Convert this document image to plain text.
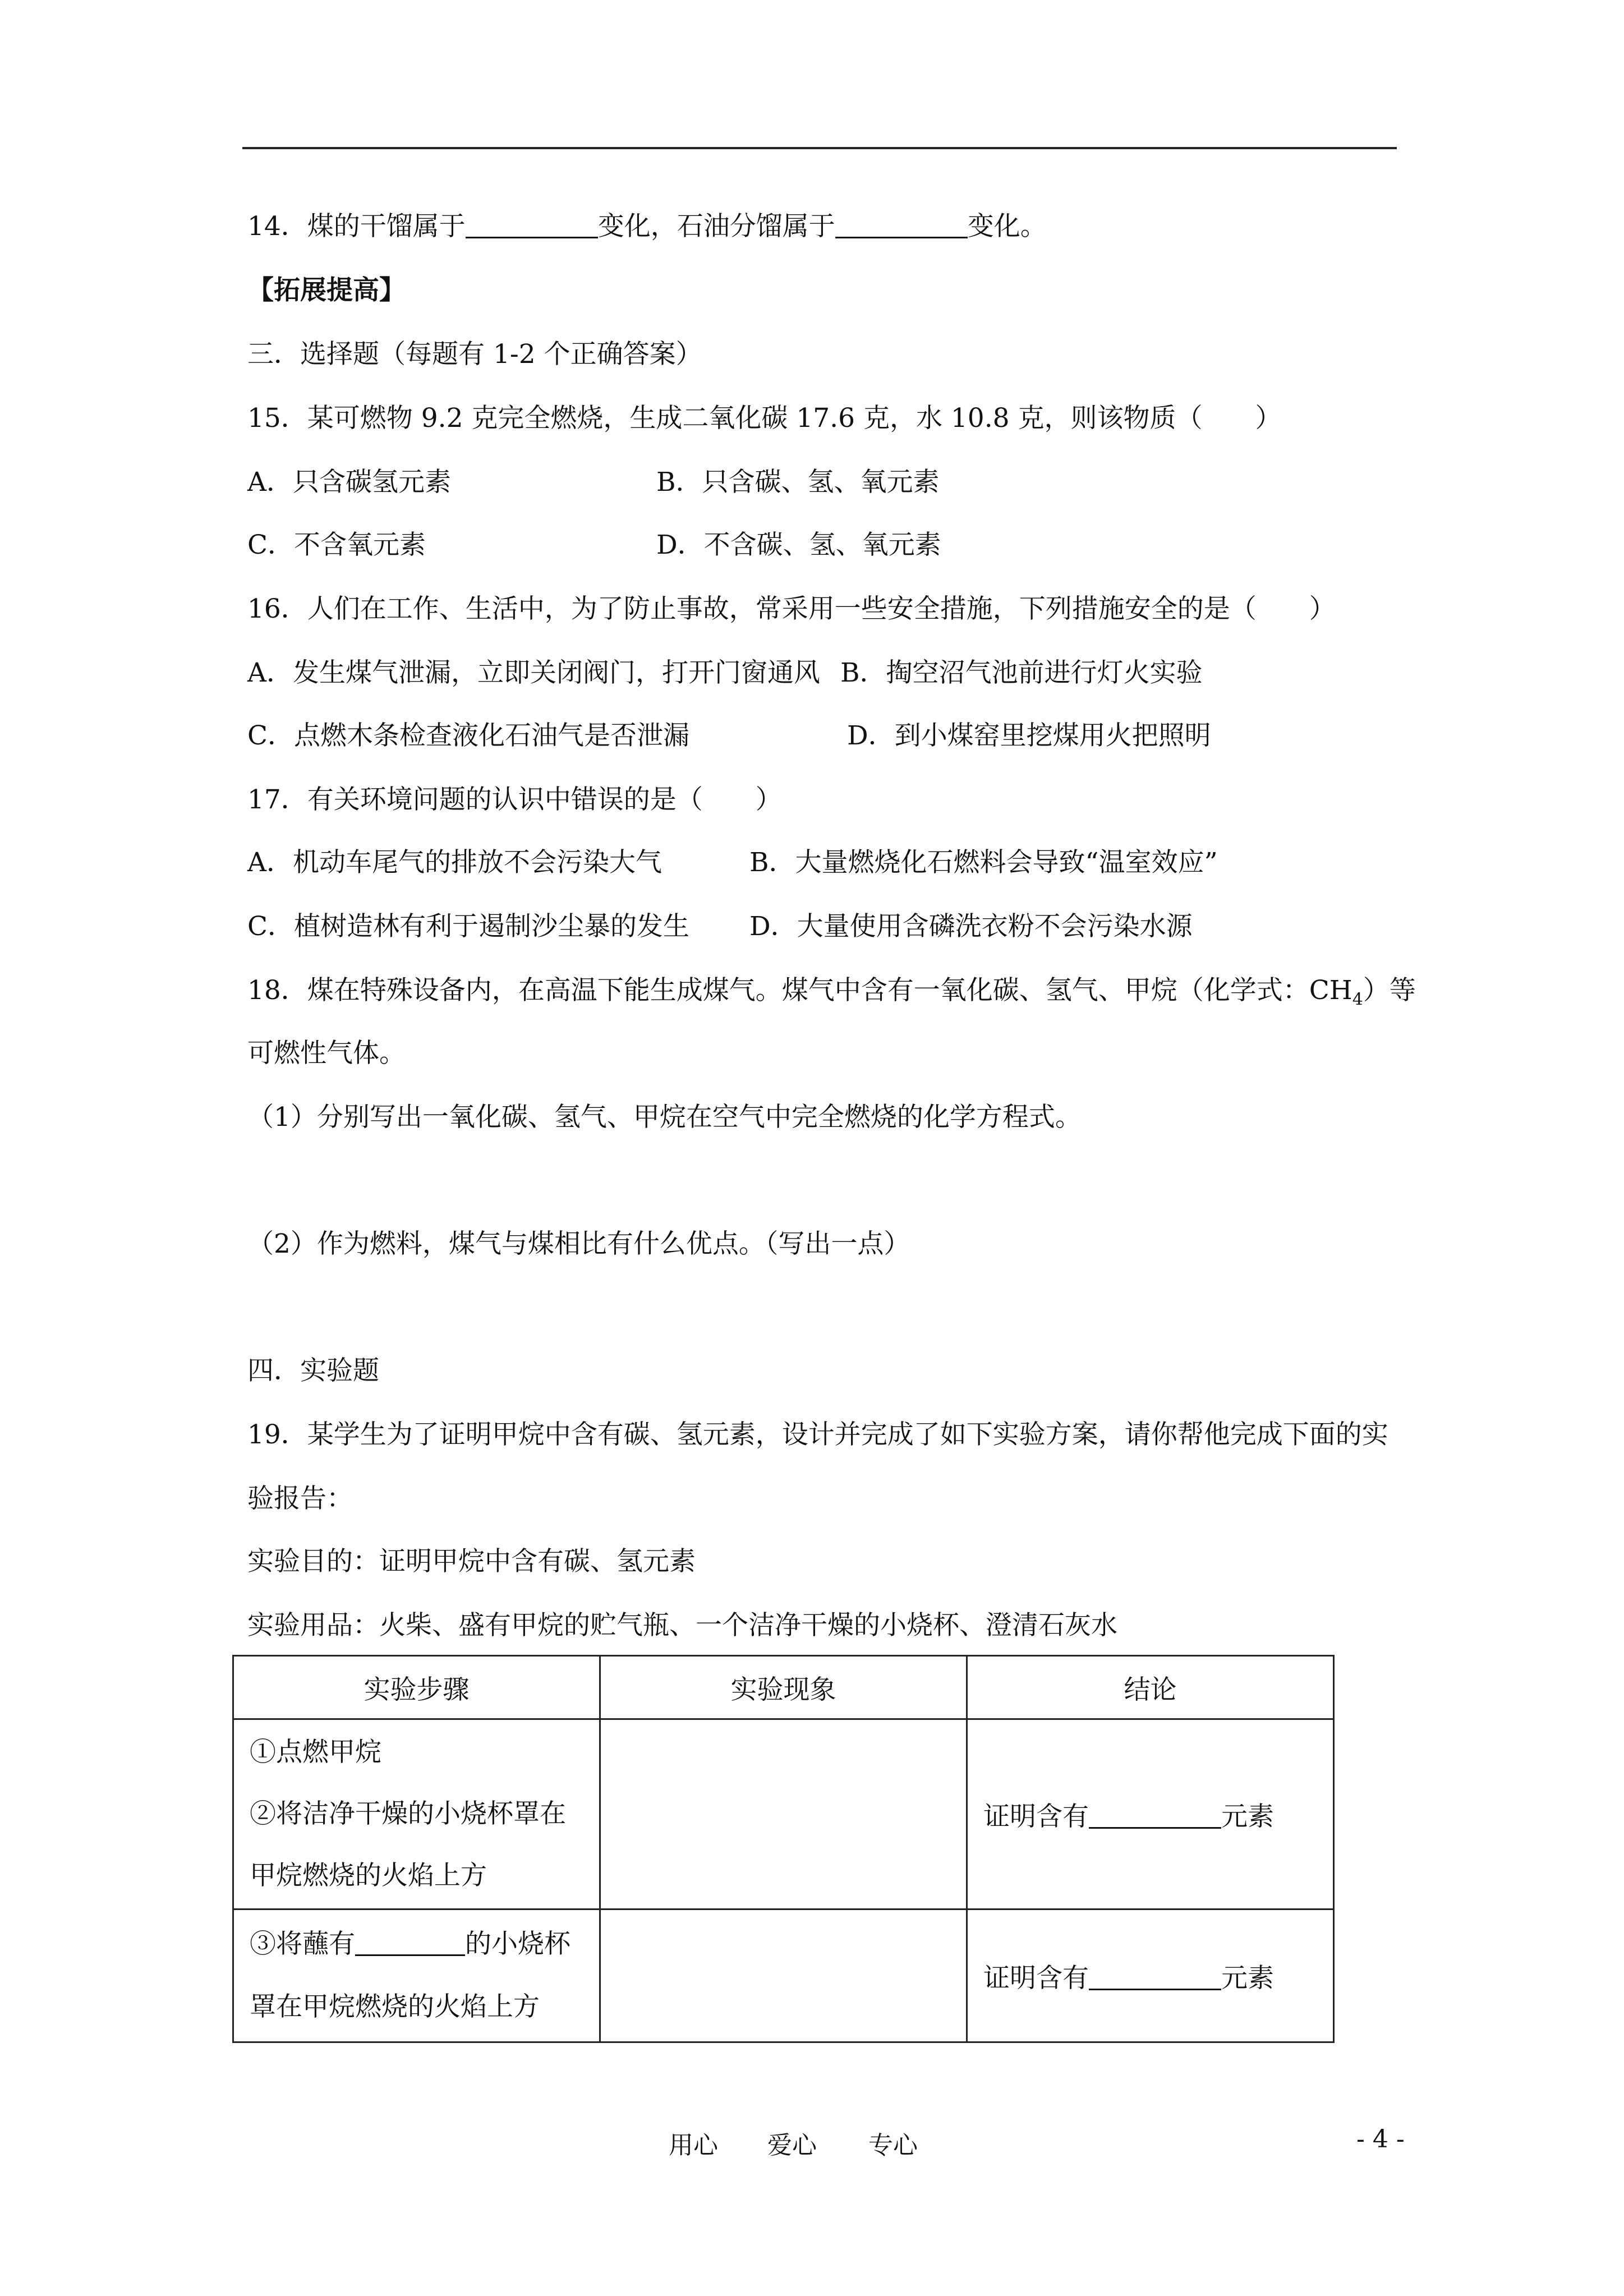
14．煤的干馏属于	变化，石油分馏属于	变化。
【拓展提高】
三．选择题（每题有 1-2 个正确答案）
15．某可燃物 9.2 克完全燃烧，生成二氧化碳 17.6 克，水 10.8 克，则该物质（　　）
A．只含碳氢元素	B．只含碳、氢、氧元素
C．不含氧元素	D．不含碳、氢、氧元素
16．人们在工作、生活中，为了防止事故，常采用一些安全措施，下列措施安全的是（　　）
A．发生煤气泄漏，立即关闭阀门，打开门窗通风 B．掏空沼气池前进行灯火实验
C．点燃木条检查液化石油气是否泄漏	D．到小煤窑里挖煤用火把照明
17．有关环境问题的认识中错误的是（　　）
A．机动车尾气的排放不会污染大气	B．大量燃烧化石燃料会导致“温室效应”
C．植树造林有利于遏制沙尘暴的发生 D．大量使用含磷洗衣粉不会污染水源
18．煤在特殊设备内，在高温下能生成煤气。煤气中含有一氧化碳、氢气、甲烷（化学式：$CH_4$）等
可燃性气体。
（1）分别写出一氧化碳、氢气、甲烷在空气中完全燃烧的化学方程式。
（2）作为燃料，煤气与煤相比有什么优点。（写出一点）
四．实验题
19．某学生为了证明甲烷中含有碳、氢元素，设计并完成了如下实验方案，请你帮他完成下面的实
验报告：
实验目的：证明甲烷中含有碳、氢元素
实验用品：火柴、盛有甲烷的贮气瓶、一个洁净干燥的小烧杯、澄清石灰水
实验步骤	实验现象	结论

①点燃甲烷
②将洁净干燥的小烧杯罩在
甲烷燃烧的火焰上方		证明含有 元素

③将蘸有 的小烧杯
罩在甲烷燃烧的火焰上方		证明含有 元素
用心 爱心 专心	- 4 -
